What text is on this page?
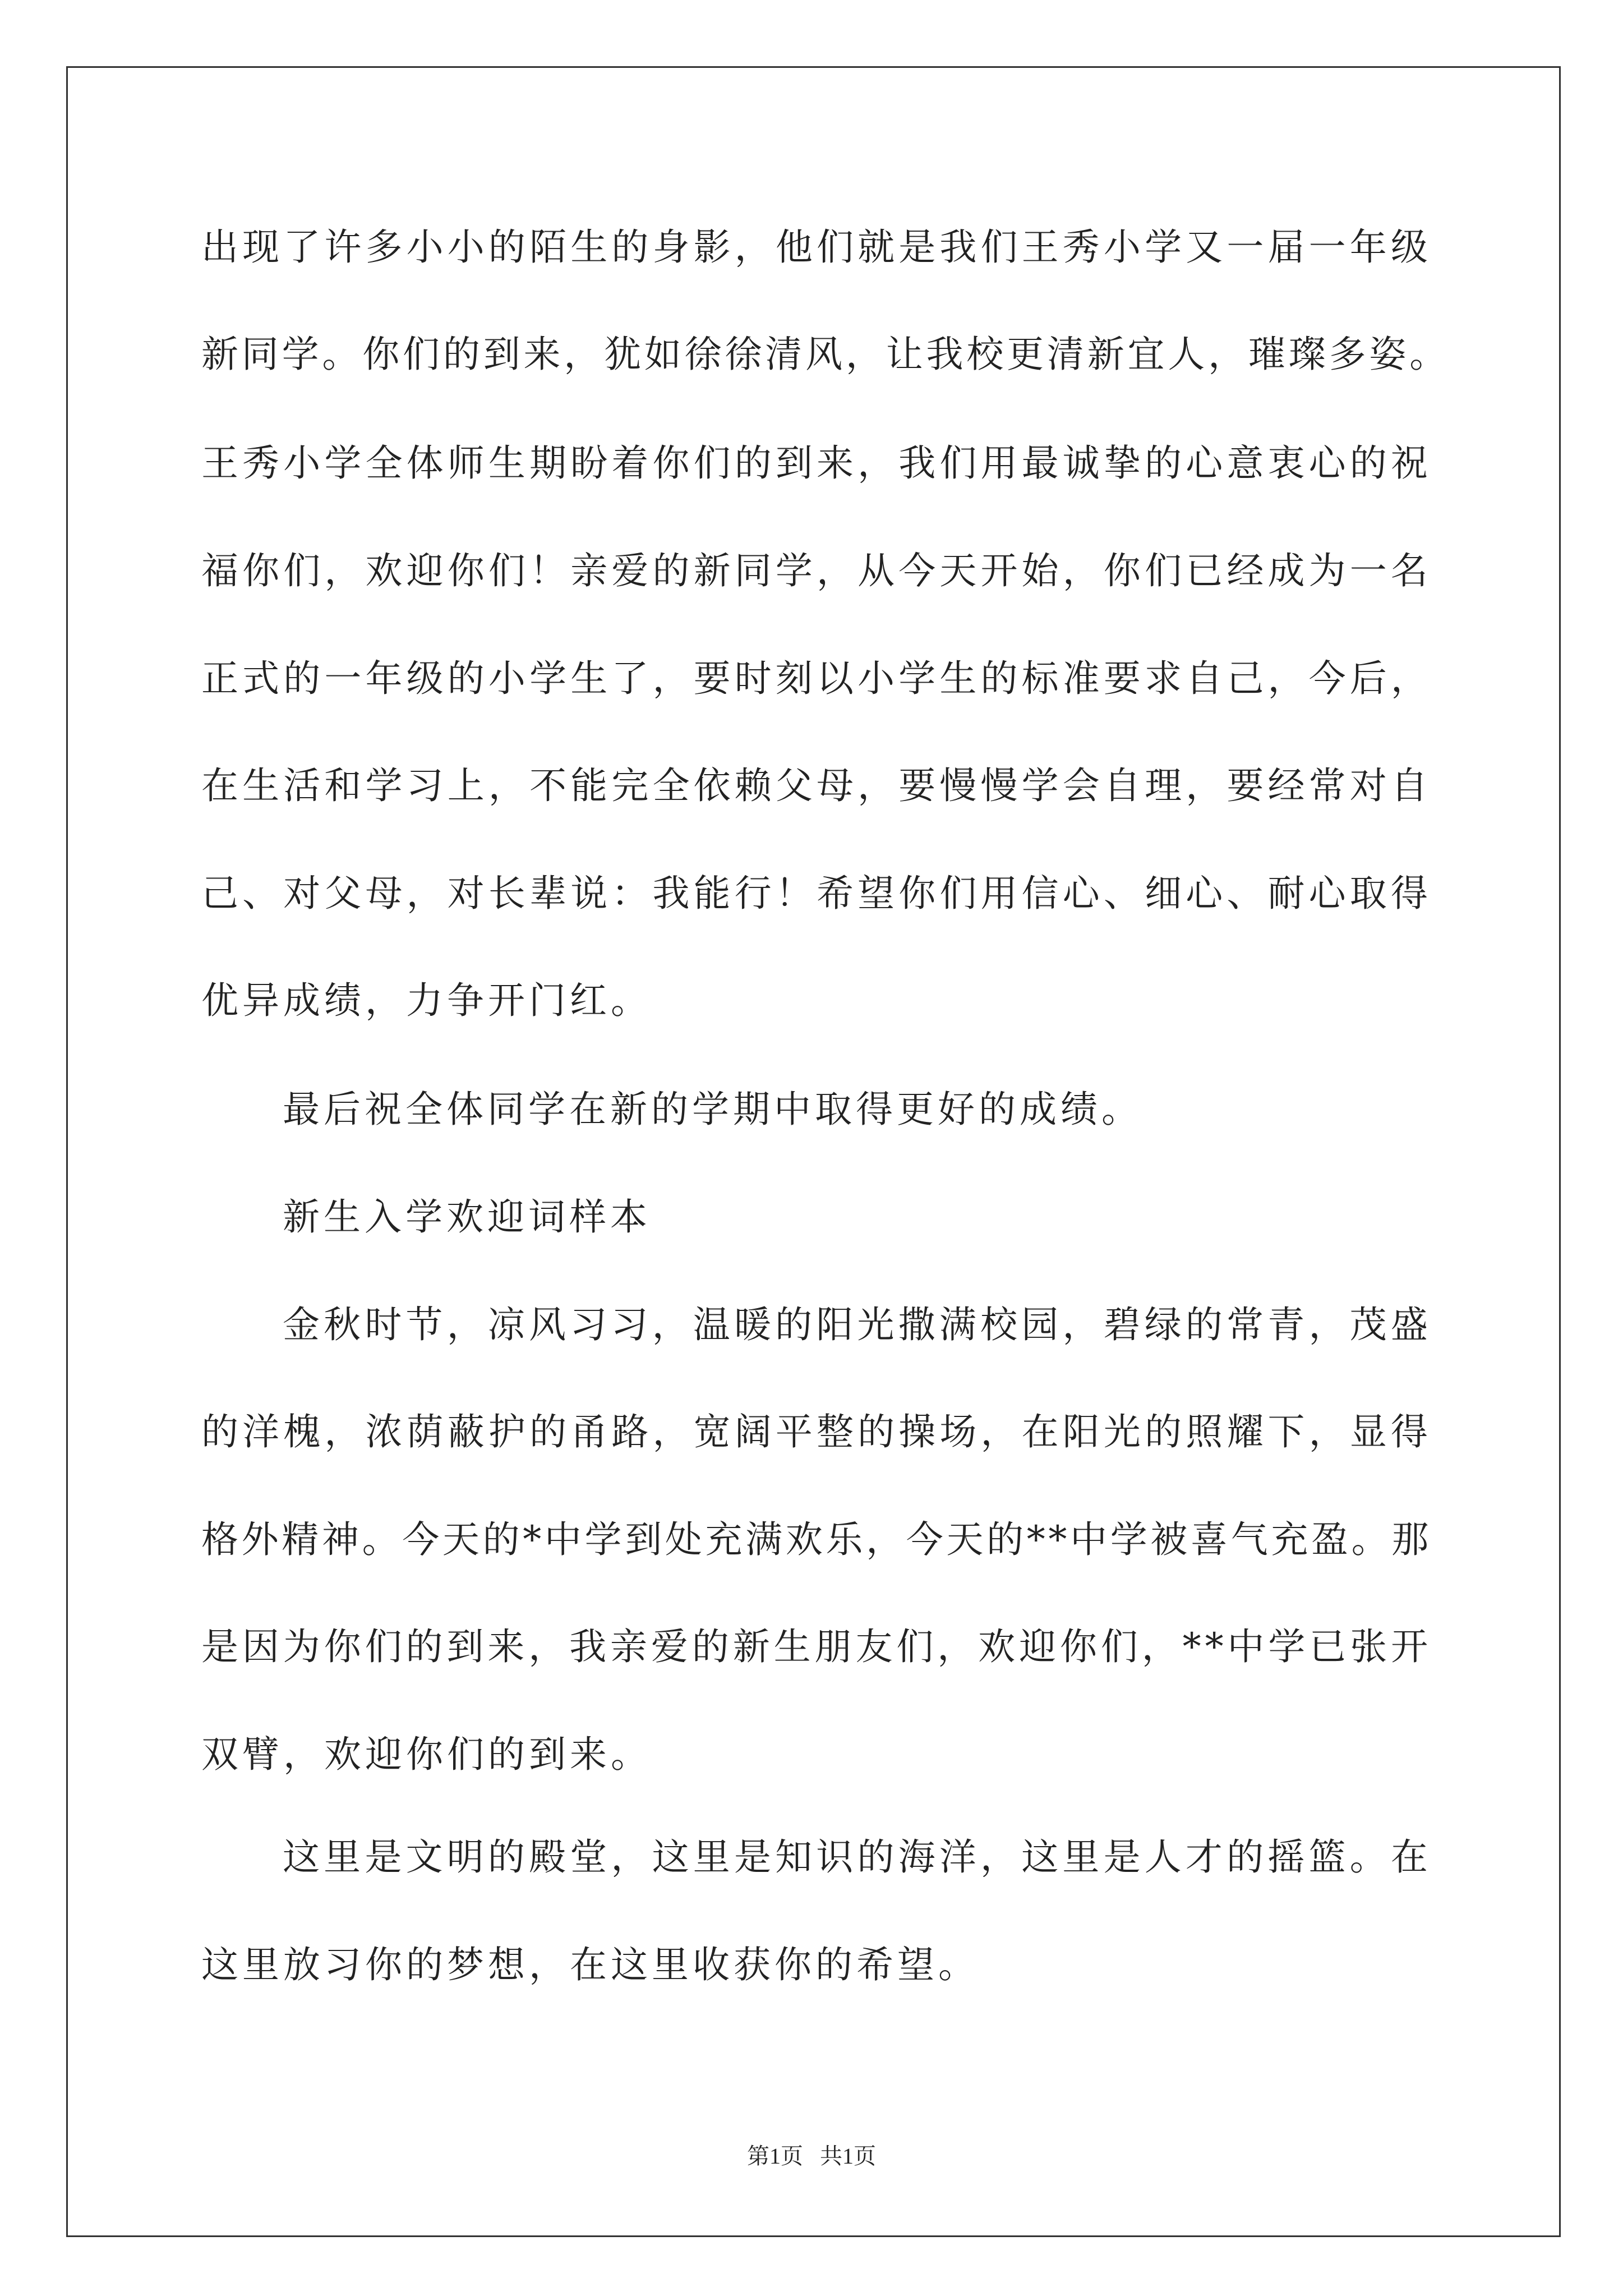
出现了许多小小的陌生的身影，他们就是我们王秀小学又一届一年级
新同学。你们的到来，犹如徐徐清风，让我校更清新宜人，璀璨多姿。
王秀小学全体师生期盼着你们的到来，我们用最诚挚的心意衷心的祝
福你们，欢迎你们！亲爱的新同学，从今天开始，你们已经成为一名
正式的一年级的小学生了，要时刻以小学生的标准要求自己，今后，
在生活和学习上，不能完全依赖父母，要慢慢学会自理，要经常对自
己、对父母，对长辈说：我能行！希望你们用信心、细心、耐心取得
优异成绩，力争开门红。
最后祝全体同学在新的学期中取得更好的成绩。
新生入学欢迎词样本
金秋时节，凉风习习，温暖的阳光撒满校园，碧绿的常青，茂盛
的洋槐，浓荫蔽护的甬路，宽阔平整的操场，在阳光的照耀下，显得
格外精神。今天的*中学到处充满欢乐，今天的**中学被喜气充盈。那
是因为你们的到来，我亲爱的新生朋友们，欢迎你们，**中学已张开
双臂，欢迎你们的到来。
这里是文明的殿堂，这里是知识的海洋，这里是人才的摇篮。在
这里放习你的梦想，在这里收获你的希望。
第1页   共1页
